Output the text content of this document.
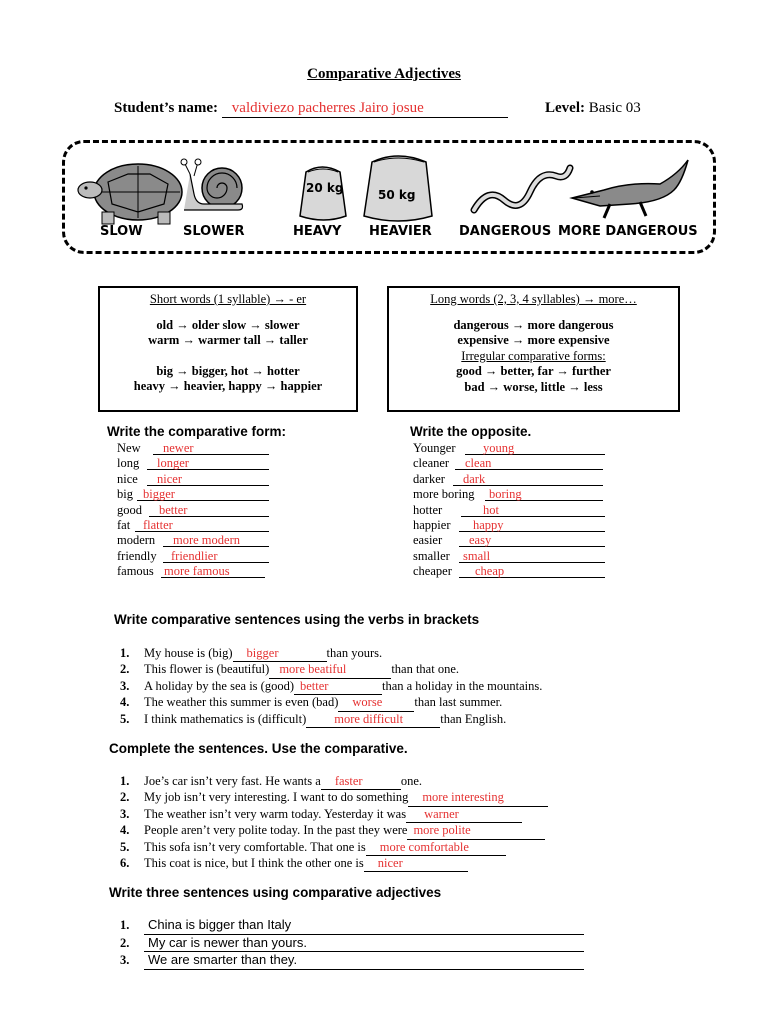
Comparative Adjectives
Student’s name: valdiviezo pacherres Jairo josue	Level: Basic 03
20 kg	50 kg
SLOW	SLOWER	HEAVY HEAVIER DANGEROUS MORE DANGEROUS
Short words (1 syllable) → - er
old → older slow → slower
warm → warmer tall → taller
big → bigger, hot → hotter
heavy → heavier, happy → happier
Long words (2, 3, 4 syllables) → more…
dangerous → more dangerous
expensive → more expensive
Irregular comparative forms:
good → better, far → further
bad → worse, little → less
Write the comparative form:
New	newer
long	longer
nice	nicer
big bigger
good	better
fat	flatter
modern	more modern
friendly	friendlier
famous more famous
Write the opposite.
Younger	young
cleaner	clean
darker	dark
more boring	boring
hotter	hot
happier	happy
easier	easy
smaller	small
cheaper	cheap
Write comparative sentences using the verbs in brackets
1.	My house is (big)	bigger	than yours.
2.	This flower is (beautiful) more beatiful	than that one.
3.	A holiday by the sea is (good) better	than a holiday in the mountains.
4.	The weather this summer is even (bad)	worse	than last summer.
5.	I think mathematics is (difficult)	more difficult	than English.
Complete the sentences. Use the comparative.
1.	Joe’s car isn’t very fast. He wants a	faster	one.
2.	My job isn’t very interesting. I want to do something	more interesting
3.	The weather isn’t very warm today. Yesterday it was	warner
4.	People aren’t very polite today. In the past they were more polite
5.	This sofa isn’t very comfortable. That one is	more comfortable
6.	This coat is nice, but I think the other one is	nicer
Write three sentences using comparative adjectives
1.	China is bigger than Italy
2.	My car is newer than yours.
3.	We are smarter than they.
